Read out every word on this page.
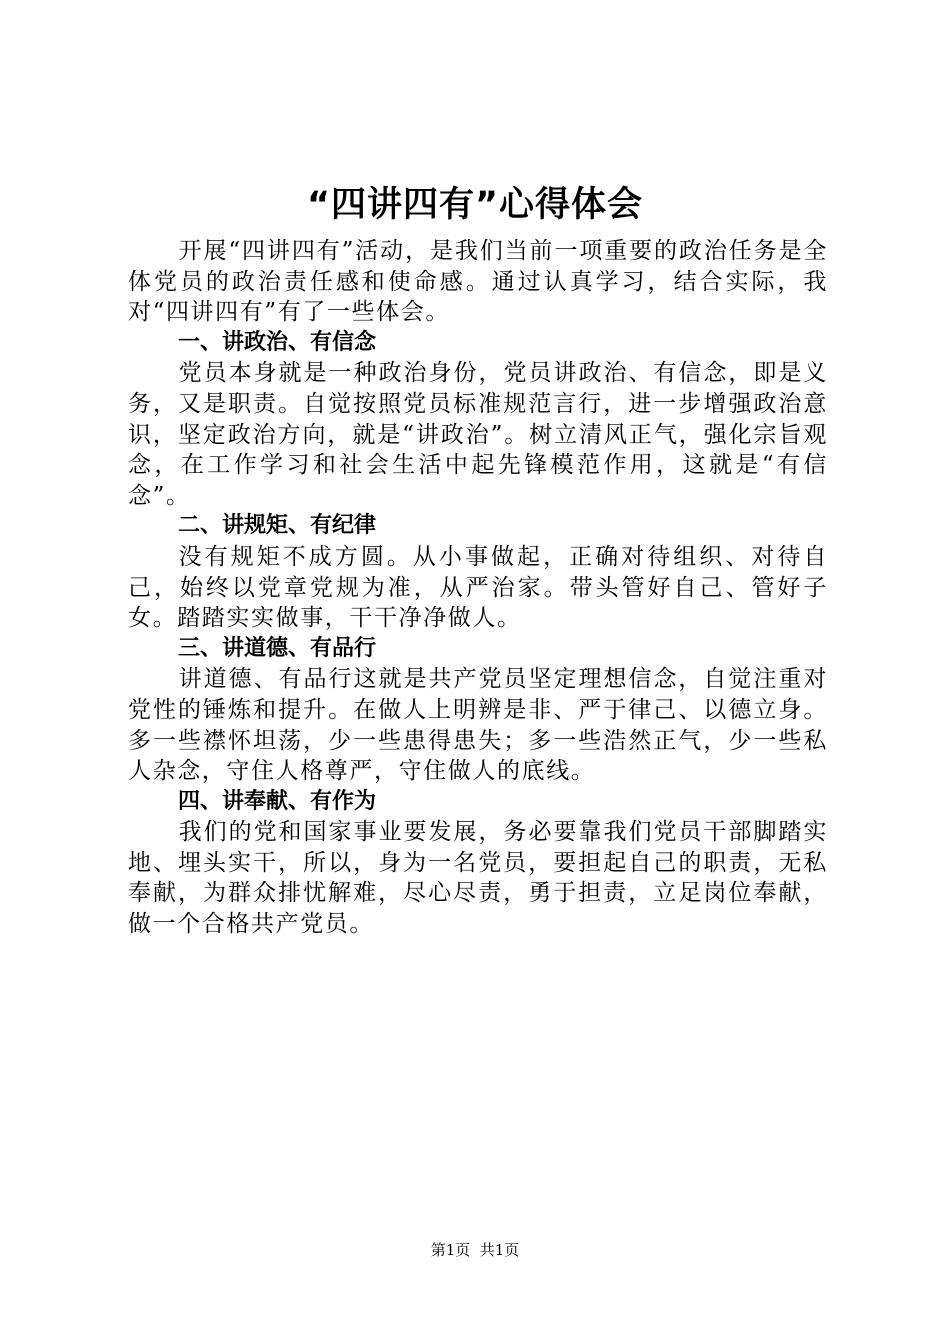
“四讲四有”心得体会

开展“四讲四有”活动，是我们当前一项重要的政治任务是全体党员的政治责任感和使命感。通过认真学习，结合实际，我对“四讲四有”有了一些体会。

一、讲政治、有信念

党员本身就是一种政治身份，党员讲政治、有信念，即是义务，又是职责。自觉按照党员标准规范言行，进一步增强政治意识，坚定政治方向，就是“讲政治”。树立清风正气，强化宗旨观念，在工作学习和社会生活中起先锋模范作用，这就是“有信念”。

二、讲规矩、有纪律

没有规矩不成方圆。从小事做起，正确对待组织、对待自己，始终以党章党规为准，从严治家。带头管好自己、管好子女。踏踏实实做事，干干净净做人。

三、讲道德、有品行

讲道德、有品行这就是共产党员坚定理想信念，自觉注重对党性的锤炼和提升。在做人上明辨是非、严于律己、以德立身。多一些襟怀坦荡，少一些患得患失；多一些浩然正气，少一些私人杂念，守住人格尊严，守住做人的底线。

四、讲奉献、有作为

我们的党和国家事业要发展，务必要靠我们党员干部脚踏实地、埋头实干，所以，身为一名党员，要担起自己的职责，无私奉献，为群众排忧解难，尽心尽责，勇于担责，立足岗位奉献，做一个合格共产党员。

第1页  共1页
